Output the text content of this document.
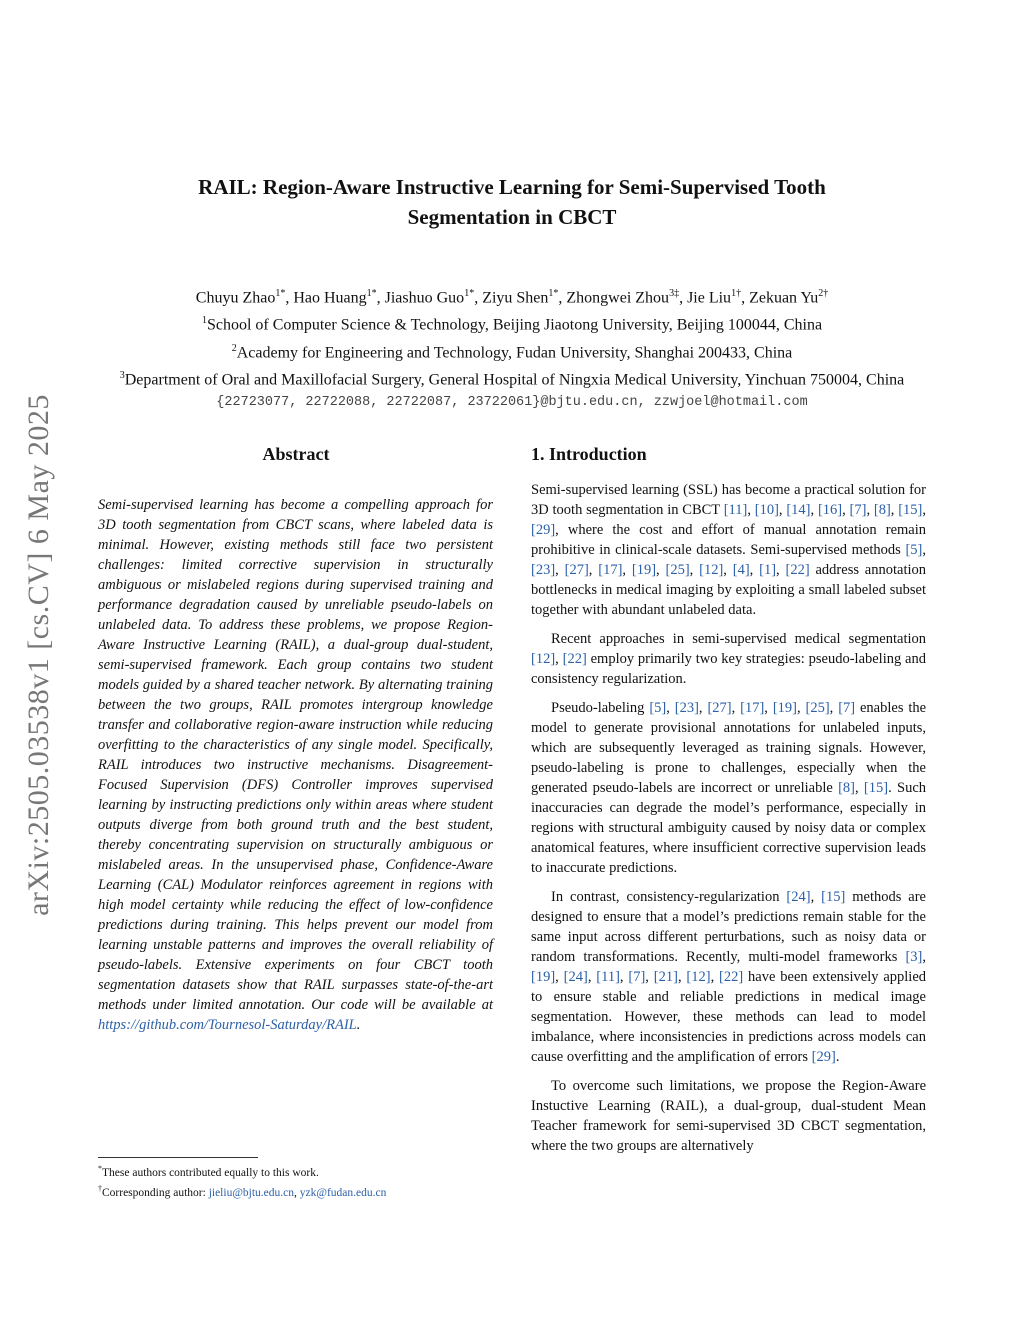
arXiv:2505.03538v1 [cs.CV] 6 May 2025
RAIL: Region-Aware Instructive Learning for Semi-Supervised Tooth
Segmentation in CBCT
Chuyu Zhao$^{1*}$, Hao Huang$^{1*}$, Jiashuo Guo$^{1*}$, Ziyu Shen$^{1*}$, Zhongwei Zhou$^{3\ddagger}$, Jie Liu$^{1\dagger}$, Zekuan $Yu^{2\dagger}$
$^1$School of Computer Science & Technology, Beijing Jiaotong University, Beijing 100044, China
$^2$Academy for Engineering and Technology, Fudan University, Shanghai 200433, China
$^3$Department of Oral and Maxillofacial Surgery, General Hospital of Ningxia Medical University, Yinchuan 750004, China
{22723077, 22722088, 22722087, 23722061}@bjtu.edu.cn, zzwjoel@hotmail.com
Abstract
Semi-supervised learning has become a compelling approach for 3D tooth segmentation from CBCT scans, where labeled data is minimal. However, existing methods still face two persistent challenges: limited corrective supervision in structurally ambiguous or mislabeled regions during supervised training and performance degradation caused by unreliable pseudo-labels on unlabeled data. To address these problems, we propose Region-Aware Instructive Learning (RAIL), a dual-group dual-student, semi-supervised framework. Each group contains two student models guided by a shared teacher network. By alternating training between the two groups, RAIL promotes intergroup knowledge transfer and collaborative region-aware instruction while reducing overfitting to the characteristics of any single model. Specifically, RAIL introduces two instructive mechanisms. Disagreement-Focused Supervision (DFS) Controller improves supervised learning by instructing predictions only within areas where student outputs diverge from both ground truth and the best student, thereby concentrating supervision on structurally ambiguous or mislabeled areas. In the unsupervised phase, Confidence-Aware Learning (CAL) Modulator reinforces agreement in regions with high model certainty while reducing the effect of low-confidence predictions during training. This helps prevent our model from learning unstable patterns and improves the overall reliability of pseudo-labels. Extensive experiments on four CBCT tooth segmentation datasets show that RAIL surpasses state-of-the-art methods under limited annotation. Our code will be available at https://github.com/Tournesol-Saturday/RAIL.
*These authors contributed equally to this work.
†Corresponding author: jieliu@bjtu.edu.cn, yzk@fudan.edu.cn
1. Introduction

Semi-supervised learning (SSL) has become a practical solution for 3D tooth segmentation in CBCT [11], [10], [14], [16], [7], [8], [15], [29], where the cost and effort of manual annotation remain prohibitive in clinical-scale datasets. Semi-supervised methods [5], [23], [27], [17], [19], [25], [12], [4], [1], [22] address annotation bottlenecks in medical imaging by exploiting a small labeled subset together with abundant unlabeled data.

Recent approaches in semi-supervised medical segmentation [12], [22] employ primarily two key strategies: pseudo-labeling and consistency regularization.

Pseudo-labeling [5], [23], [27], [17], [19], [25], [7] enables the model to generate provisional annotations for unlabeled inputs, which are subsequently leveraged as training signals. However, pseudo-labeling is prone to challenges, especially when the generated pseudo-labels are incorrect or unreliable [8], [15]. Such inaccuracies can degrade the model’s performance, especially in regions with structural ambiguity caused by noisy data or complex anatomical features, where insufficient corrective supervision leads to inaccurate predictions.

In contrast, consistency-regularization [24], [15] methods are designed to ensure that a model’s predictions remain stable for the same input across different perturbations, such as noisy data or random transformations. Recently, multi-model frameworks [3], [19], [24], [11], [7], [21], [12], [22] have been extensively applied to ensure stable and reliable predictions in medical image segmentation. However, these methods can lead to model imbalance, where inconsistencies in predictions across models can cause overfitting and the amplification of errors [29].

To overcome such limitations, we propose the Region-Aware Instuctive Learning (RAIL), a dual-group, dual-student Mean Teacher framework for semi-supervised 3D CBCT segmentation, where the two groups are alternatively
